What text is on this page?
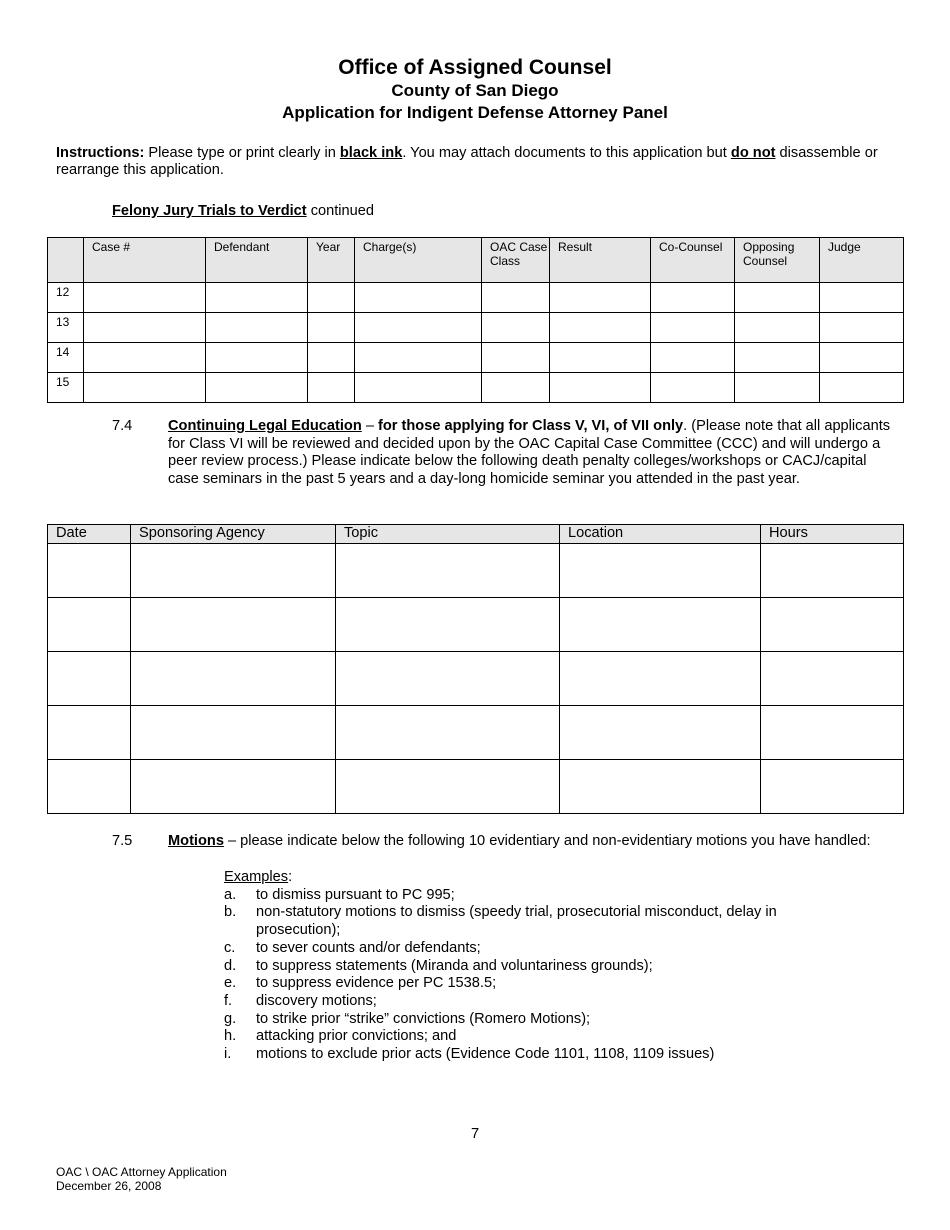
Office of Assigned Counsel
County of San Diego
Application for Indigent Defense Attorney Panel
Instructions: Please type or print clearly in black ink. You may attach documents to this application but do not disassemble or rearrange this application.
Felony Jury Trials to Verdict continued
	Case #	Defendant	Year	Charge(s)	OAC Case Class	Result	Co-Counsel	Opposing Counsel	Judge
12									
13									
14									
15									
7.4 Continuing Legal Education – for those applying for Class V, VI, of VII only. (Please note that all applicants for Class VI will be reviewed and decided upon by the OAC Capital Case Committee (CCC) and will undergo a peer review process.) Please indicate below the following death penalty colleges/workshops or CACJ/capital case seminars in the past 5 years and a day-long homicide seminar you attended in the past year.
Date	Sponsoring Agency	Topic	Location	Hours

7.5 Motions – please indicate below the following 10 evidentiary and non-evidentiary motions you have handled:
Examples:
a. to dismiss pursuant to PC 995;
b. non-statutory motions to dismiss (speedy trial, prosecutorial misconduct, delay in prosecution);
c. to sever counts and/or defendants;
d. to suppress statements (Miranda and voluntariness grounds);
e. to suppress evidence per PC 1538.5;
f. discovery motions;
g. to strike prior “strike” convictions (Romero Motions);
h. attacking prior convictions; and
i. motions to exclude prior acts (Evidence Code 1101, 1108, 1109 issues)
7
OAC \ OAC Attorney Application
December 26, 2008
